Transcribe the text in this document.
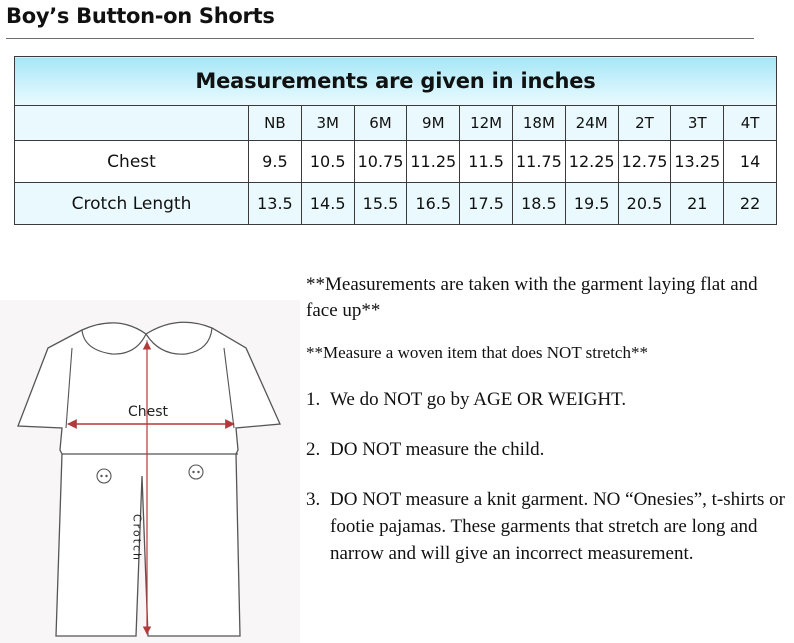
Boy’s Button-on Shorts
Measurements are given in inches										
	NB	3M	6M	9M	12M	18M	24M	2T	3T	4T
Chest	9.5	10.5	10.75	11.25	11.5	11.75	12.25	12.75	13.25	14
Crotch Length	13.5	14.5	15.5	16.5	17.5	18.5	19.5	20.5	21	22
Chest
Crotch

**Measurements are taken with the garment laying flat and face up**

**Measure a woven item that does NOT stretch**

1. We do NOT go by AGE OR WEIGHT.
2. DO NOT measure the child.
3. DO NOT measure a knit garment. NO “Onesies”, t-shirts or footie pajamas. These garments that stretch are long and narrow and will give an incorrect measurement.
